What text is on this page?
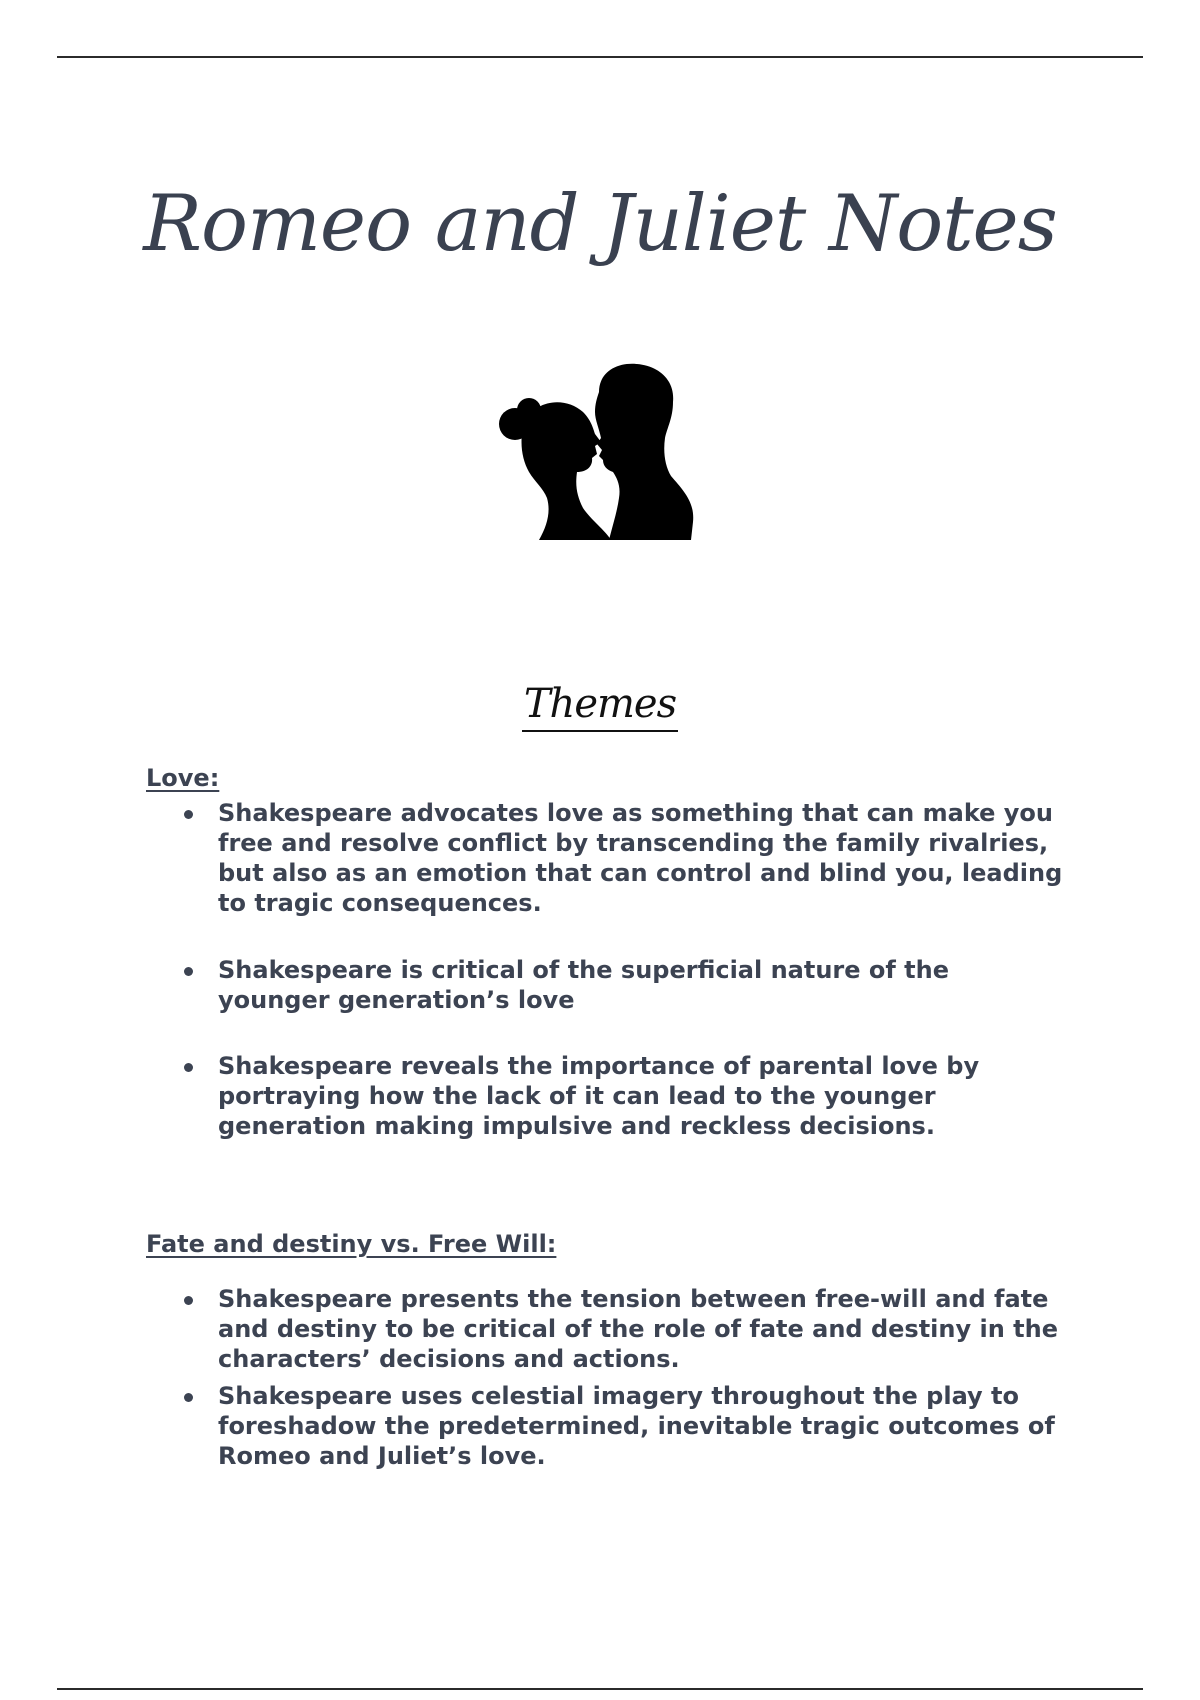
Romeo and Juliet Notes
Themes
Love:
Shakespeare advocates love as something that can make you free and resolve conflict by transcending the family rivalries, but also as an emotion that can control and blind you, leading to tragic consequences.
Shakespeare is critical of the superficial nature of the younger generation’s love
Shakespeare reveals the importance of parental love by portraying how the lack of it can lead to the younger generation making impulsive and reckless decisions.
Fate and destiny vs. Free Will:
Shakespeare presents the tension between free-will and fate and destiny to be critical of the role of fate and destiny in the characters’ decisions and actions.
Shakespeare uses celestial imagery throughout the play to foreshadow the predetermined, inevitable tragic outcomes of Romeo and Juliet’s love.
